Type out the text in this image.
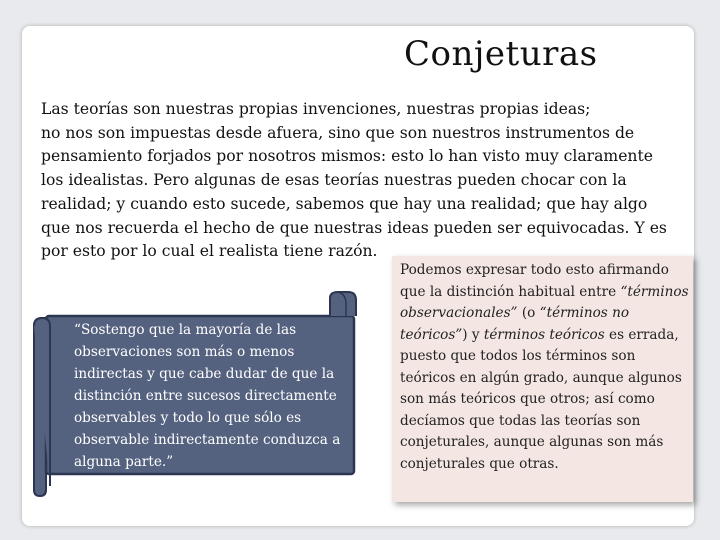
Conjeturas

Las teorías son nuestras propias invenciones, nuestras propias ideas;

no nos son impuestas desde afuera, sino que son nuestros instrumentos de

pensamiento forjados por nosotros mismos: esto lo han visto muy claramente

los idealistas. Pero algunas de esas teorías nuestras pueden chocar con la

realidad; y cuando esto sucede, sabemos que hay una realidad; que hay algo

que nos recuerda el hecho de que nuestras ideas pueden ser equivocadas. Y es

por esto por lo cual el realista tiene razón.

“Sostengo que la mayoría de las observaciones son más o menos indirectas y que cabe dudar de que la distinción entre sucesos directamente observables y todo lo que sólo es observable indirectamente conduzca a alguna parte.”
Podemos expresar todo esto afirmando que la distinción habitual entre “términos observacionales” (o “términos no teóricos”) y términos teóricos es errada, puesto que todos los términos son teóricos en algún grado, aunque algunos son más teóricos que otros; así como decíamos que todas las teorías son conjeturales, aunque algunas son más conjeturales que otras.
